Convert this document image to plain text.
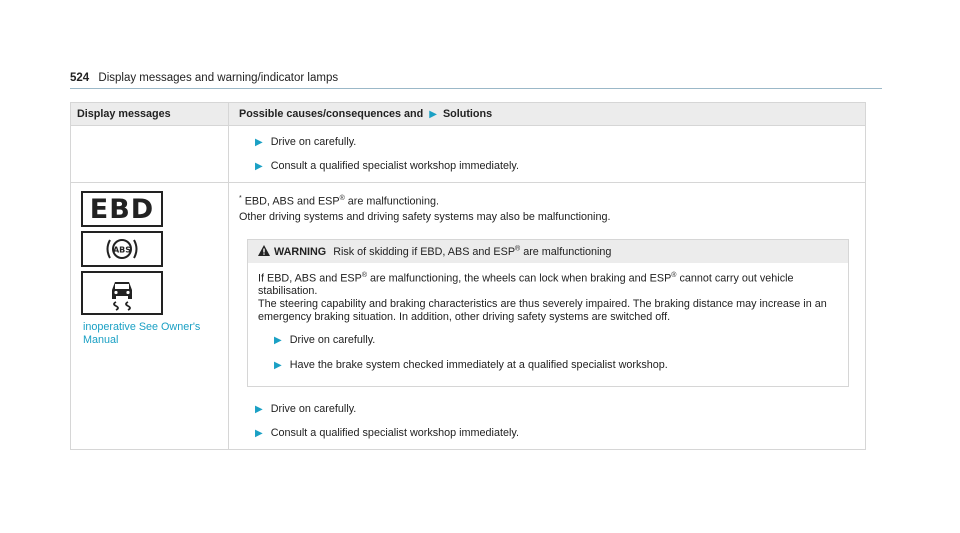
524 Display messages and warning/indicator lamps
Display messages	Possible causes/consequences and ▶ Solutions
▶ Drive on carefully.
▶ Consult a qualified specialist workshop immediately.
EBD
ABS
inoperative See Owner's Manual
* EBD, ABS and ESP® are malfunctioning.
Other driving systems and driving safety systems may also be malfunctioning.
WARNING Risk of skidding if EBD, ABS and ESP® are malfunctioning
If EBD, ABS and ESP® are malfunctioning, the wheels can lock when braking and ESP® cannot carry out vehicle stabilisation.
The steering capability and braking characteristics are thus severely impaired. The braking distance may increase in an emergency braking situation. In addition, other driving safety systems are switched off.
▶ Drive on carefully.
▶ Have the brake system checked immediately at a qualified specialist workshop.
▶ Drive on carefully.
▶ Consult a qualified specialist workshop immediately.
